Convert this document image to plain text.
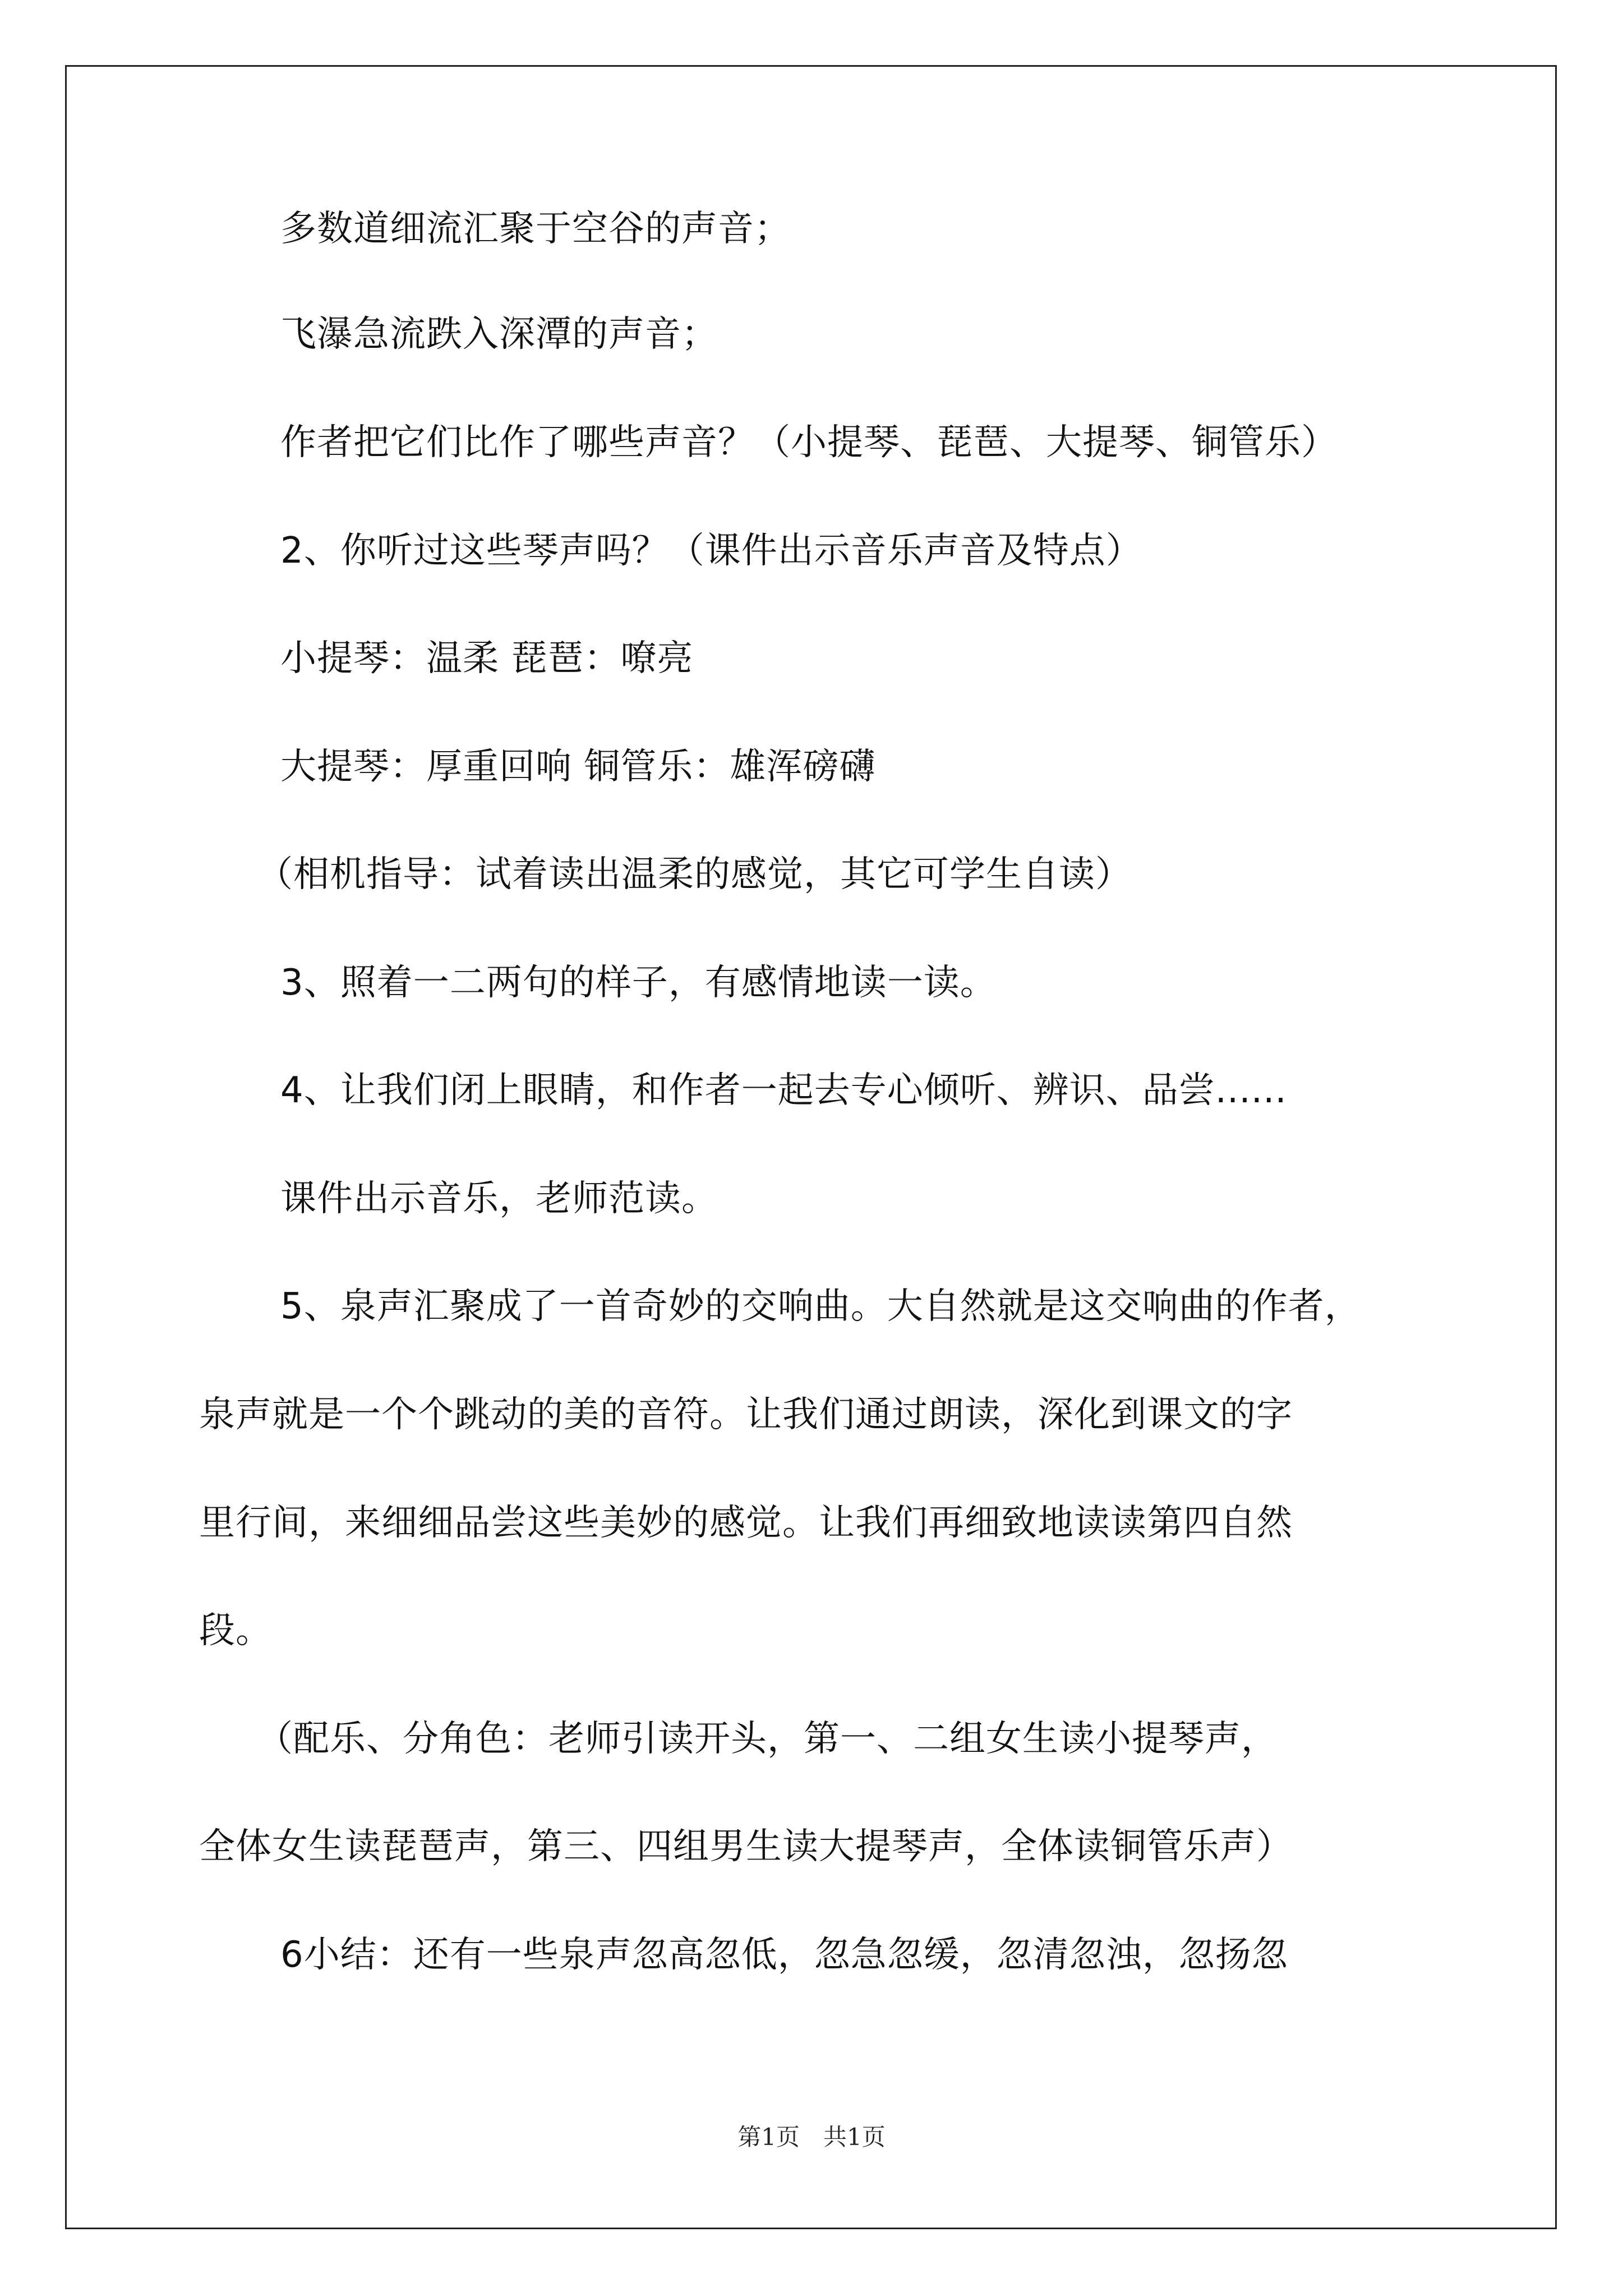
多数道细流汇聚于空谷的声音；
飞瀑急流跌入深潭的声音；
作者把它们比作了哪些声音？（小提琴、琵琶、大提琴、铜管乐）
2、你听过这些琴声吗？（课件出示音乐声音及特点）
小提琴：温柔 琵琶：嘹亮
大提琴：厚重回响 铜管乐：雄浑磅礴
（相机指导：试着读出温柔的感觉，其它可学生自读）
3、照着一二两句的样子，有感情地读一读。
4、让我们闭上眼睛，和作者一起去专心倾听、辨识、品尝......
课件出示音乐，老师范读。
5、泉声汇聚成了一首奇妙的交响曲。大自然就是这交响曲的作者，
泉声就是一个个跳动的美的音符。让我们通过朗读，深化到课文的字
里行间，来细细品尝这些美妙的感觉。让我们再细致地读读第四自然
段。
（配乐、分角色：老师引读开头，第一、二组女生读小提琴声，
全体女生读琵琶声，第三、四组男生读大提琴声，全体读铜管乐声）
6小结：还有一些泉声忽高忽低，忽急忽缓，忽清忽浊，忽扬忽
第1页　共1页
